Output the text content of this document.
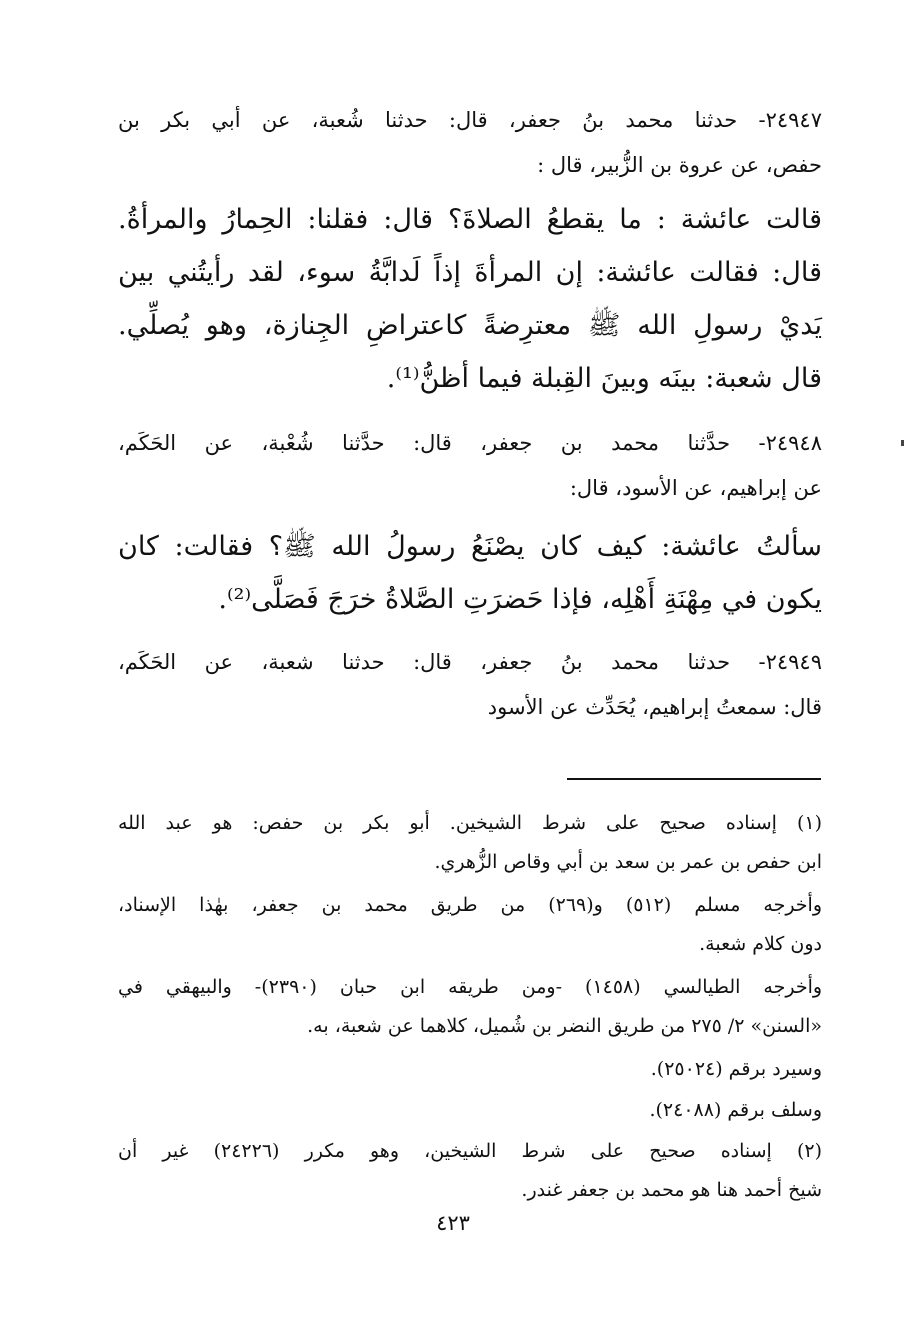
٢٤٩٤٧- حدثنا محمد بنُ جعفر، قال: حدثنا شُعبة، عن أبي بكر بن
حفص، عن عروة بن الزُّبير، قال :
قالت عائشة : ما يقطعُ الصلاةَ؟ قال: فقلنا: الحِمارُ والمرأةُ.
قال: فقالت عائشة: إن المرأةَ إذاً لَدابَّةُ سوء، لقد رأيتُني بين
يَديْ رسولِ الله ﷺ معترِضةً كاعتراضِ الجِنازة، وهو يُصلِّي.
قال شعبة: بينَه وبينَ القِبلة فيما أظنُّ⁽¹⁾.
٢٤٩٤٨- حدَّثنا محمد بن جعفر، قال: حدَّثنا شُعْبة، عن الحَكَم،
عن إبراهيم، عن الأسود، قال:
سألتُ عائشة: كيف كان يصْنَعُ رسولُ الله ﷺ؟ فقالت: كان
يكون في مِهْنَةِ أَهْلِه، فإذا حَضرَتِ الصَّلاةُ خرَجَ فَصَلَّى⁽²⁾.
٢٤٩٤٩- حدثنا محمد بنُ جعفر، قال: حدثنا شعبة، عن الحَكَم،
قال: سمعتُ إبراهيم، يُحَدِّث عن الأسود
(١) إسناده صحيح على شرط الشيخين. أبو بكر بن حفص: هو عبد الله
ابن حفص بن عمر بن سعد بن أبي وقاص الزُّهري.
وأخرجه مسلم (٥١٢) و(٢٦٩) من طريق محمد بن جعفر، بهٰذا الإسناد،
دون كلام شعبة.
وأخرجه الطيالسي (١٤٥٨) -ومن طريقه ابن حبان (٢٣٩٠)- والبيهقي في
«السنن» ٢/ ٢٧٥ من طريق النضر بن شُميل، كلاهما عن شعبة، به.
وسيرد برقم (٢٥٠٢٤).
وسلف برقم (٢٤٠٨٨).
(٢) إسناده صحيح على شرط الشيخين، وهو مكرر (٢٤٢٢٦) غير أن
شيخ أحمد هنا هو محمد بن جعفر غندر.
٤٢٣
